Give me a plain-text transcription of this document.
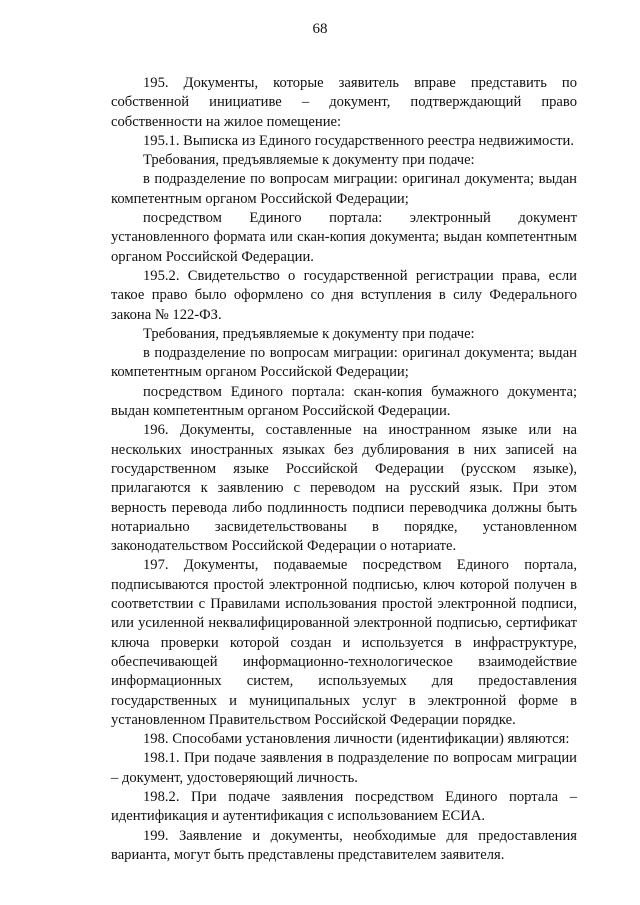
68

195. Документы, которые заявитель вправе представить по собственной инициативе – документ, подтверждающий право собственности на жилое помещение:

195.1. Выписка из Единого государственного реестра недвижимости.

Требования, предъявляемые к документу при подаче:

в подразделение по вопросам миграции: оригинал документа; выдан компетентным органом Российской Федерации;

посредством Единого портала: электронный документ установленного формата или скан-копия документа; выдан компетентным органом Российской Федерации.

195.2. Свидетельство о государственной регистрации права, если такое право было оформлено со дня вступления в силу Федерального закона № 122-ФЗ.

Требования, предъявляемые к документу при подаче:

в подразделение по вопросам миграции: оригинал документа; выдан компетентным органом Российской Федерации;

посредством Единого портала: скан-копия бумажного документа; выдан компетентным органом Российской Федерации.

196. Документы, составленные на иностранном языке или на нескольких иностранных языках без дублирования в них записей на государственном языке Российской Федерации (русском языке), прилагаются к заявлению с переводом на русский язык. При этом верность перевода либо подлинность подписи переводчика должны быть нотариально засвидетельствованы в порядке, установленном законодательством Российской Федерации о нотариате.

197. Документы, подаваемые посредством Единого портала, подписываются простой электронной подписью, ключ которой получен в соответствии с Правилами использования простой электронной подписи, или усиленной неквалифицированной электронной подписью, сертификат ключа проверки которой создан и используется в инфраструктуре, обеспечивающей информационно-технологическое взаимодействие информационных систем, используемых для предоставления государственных и муниципальных услуг в электронной форме в установленном Правительством Российской Федерации порядке.

198. Способами установления личности (идентификации) являются:

198.1. При подаче заявления в подразделение по вопросам миграции – документ, удостоверяющий личность.

198.2. При подаче заявления посредством Единого портала – идентификация и аутентификация с использованием ЕСИА.

199. Заявление и документы, необходимые для предоставления варианта, могут быть представлены представителем заявителя.
